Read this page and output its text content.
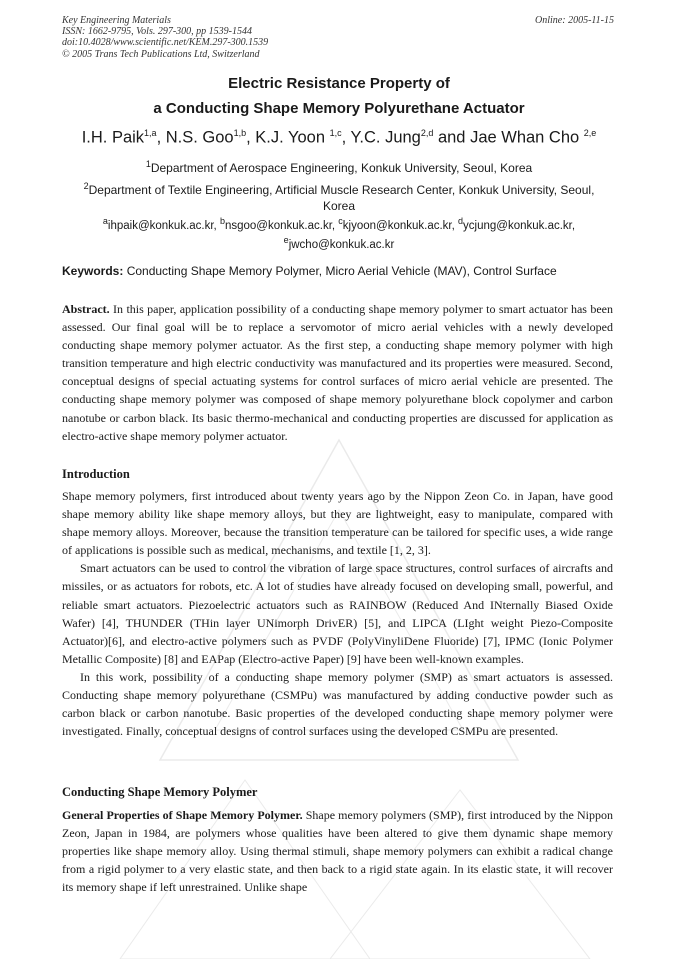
Key Engineering Materials
ISSN: 1662-9795, Vols. 297-300, pp 1539-1544
doi:10.4028/www.scientific.net/KEM.297-300.1539
© 2005 Trans Tech Publications Ltd, Switzerland
Online: 2005-11-15
Electric Resistance Property of
a Conducting Shape Memory Polyurethane Actuator
I.H. Paik$^{1,a}$, N.S. Goo$^{1,b}$, K.J. Yoon $^{1,c}$, Y.C. Jung$^{2,d}$ and Jae Whan Cho $^{2,e}$
$^1$Department of Aerospace Engineering, Konkuk University, Seoul, Korea
$^2$Department of Textile Engineering, Artificial Muscle Research Center, Konkuk University, Seoul,
Korea
$^a$ihpaik@konkuk.ac.kr, $^b$nsgoo@konkuk.ac.kr, $^c$kjyoon@konkuk.ac.kr, $^d$ycjung@konkuk.ac.kr,
$^e$jwcho@konkuk.ac.kr
Keywords: Conducting Shape Memory Polymer, Micro Aerial Vehicle (MAV), Control Surface
Abstract. In this paper, application possibility of a conducting shape memory polymer to smart actuator has been assessed. Our final goal will be to replace a servomotor of micro aerial vehicles with a newly developed conducting shape memory polymer actuator. As the first step, a conducting shape memory polymer with high transition temperature and high electric conductivity was manufactured and its properties were measured. Second, conceptual designs of special actuating systems for control surfaces of micro aerial vehicle are presented. The conducting shape memory polymer was composed of shape memory polyurethane block copolymer and carbon nanotube or carbon black. Its basic thermo-mechanical and conducting properties are discussed for application as electro-active shape memory polymer actuator.
Introduction
Shape memory polymers, first introduced about twenty years ago by the Nippon Zeon Co. in Japan, have good shape memory ability like shape memory alloys, but they are lightweight, easy to manipulate, compared with shape memory alloys. Moreover, because the transition temperature can be tailored for specific uses, a wide range of applications is possible such as medical, mechanisms, and textile [1, 2, 3].
Smart actuators can be used to control the vibration of large space structures, control surfaces of aircrafts and missiles, or as actuators for robots, etc. A lot of studies have already focused on developing small, powerful, and reliable smart actuators. Piezoelectric actuators such as RAINBOW (Reduced And INternally Biased Oxide Wafer) [4], THUNDER (THin layer UNimorph DrivER) [5], and LIPCA (LIght weight Piezo-Composite Actuator)[6], and electro-active polymers such as PVDF (PolyVinyliDene Fluoride) [7], IPMC (Ionic Polymer Metallic Composite) [8] and EAPap (Electro-active Paper) [9] have been well-known examples.
In this work, possibility of a conducting shape memory polymer (SMP) as smart actuators is assessed. Conducting shape memory polyurethane (CSMPu) was manufactured by adding conductive powder such as carbon black or carbon nanotube. Basic properties of the developed conducting shape memory polymer were investigated. Finally, conceptual designs of control surfaces using the developed CSMPu are presented.
Conducting Shape Memory Polymer
General Properties of Shape Memory Polymer. Shape memory polymers (SMP), first introduced by the Nippon Zeon, Japan in 1984, are polymers whose qualities have been altered to give them dynamic shape memory properties like shape memory alloy. Using thermal stimuli, shape memory polymers can exhibit a radical change from a rigid polymer to a very elastic state, and then back to a rigid state again. In its elastic state, it will recover its memory shape if left unrestrained. Unlike shape
